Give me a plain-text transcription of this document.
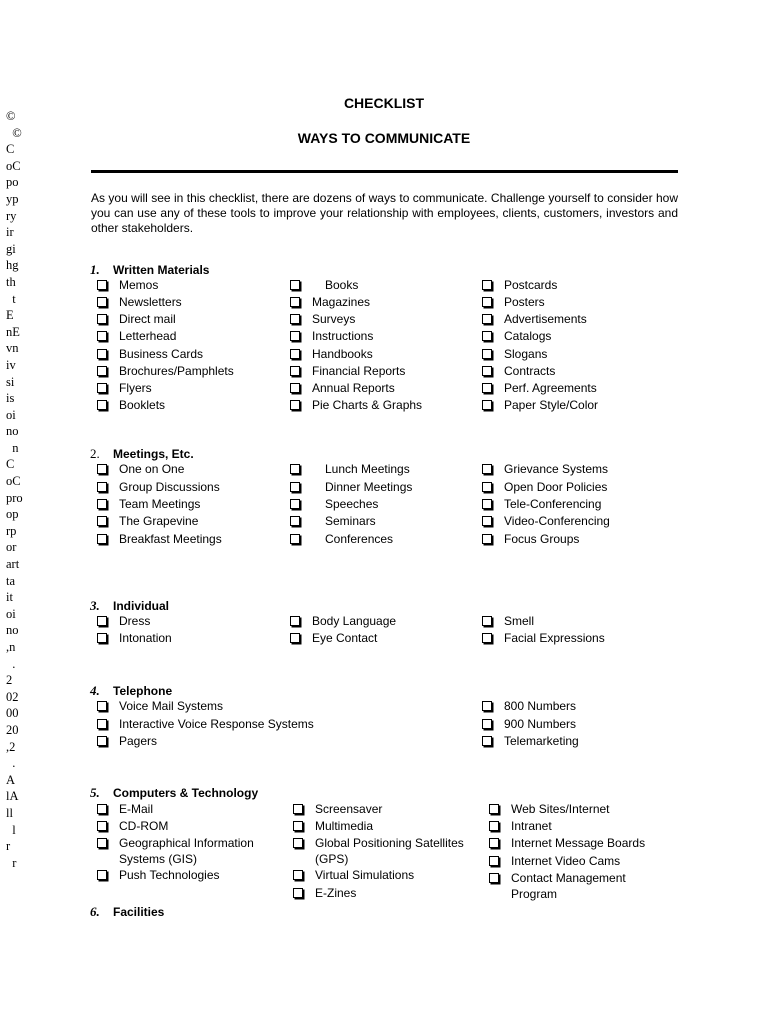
©
©
C
oC
po
yp
ry
ir
gi
hg
th
t
E
nE
vn
iv
si
is
oi
no
n
C
oC
pro
op
rp
or
art
ta
it
oi
no
,n
.
2
02
00
20
,2
.
A
lA
ll
l
r
r
CHECKLIST
WAYS TO COMMUNICATE
As you will see in this checklist, there are dozens of ways to communicate. Challenge yourself to consider how you can use any of these tools to improve your relationship with employees, clients, customers, investors and other stakeholders.
1. Written Materials
Memos
Newsletters
Direct mail
Letterhead
Business Cards
Brochures/Pamphlets
Flyers
Booklets
Books
Magazines
Surveys
Instructions
Handbooks
Financial Reports
Annual Reports
Pie Charts & Graphs
Postcards
Posters
Advertisements
Catalogs
Slogans
Contracts
Perf. Agreements
Paper Style/Color
2. Meetings, Etc.
One on One
Group Discussions
Team Meetings
The Grapevine
Breakfast Meetings
Lunch Meetings
Dinner Meetings
Speeches
Seminars
Conferences
Grievance Systems
Open Door Policies
Tele-Conferencing
Video-Conferencing
Focus Groups
3. Individual
Dress
Intonation
Body Language
Eye Contact
Smell
Facial Expressions
4. Telephone
Voice Mail Systems
Interactive Voice Response Systems
Pagers
800 Numbers
900 Numbers
Telemarketing
5. Computers & Technology
E-Mail
CD-ROM
Geographical Information Systems (GIS)
Push Technologies
Screensaver
Multimedia
Global Positioning Satellites (GPS)
Virtual Simulations
E-Zines
Web Sites/Internet
Intranet
Internet Message Boards
Internet Video Cams
Contact Management Program
6. Facilities
